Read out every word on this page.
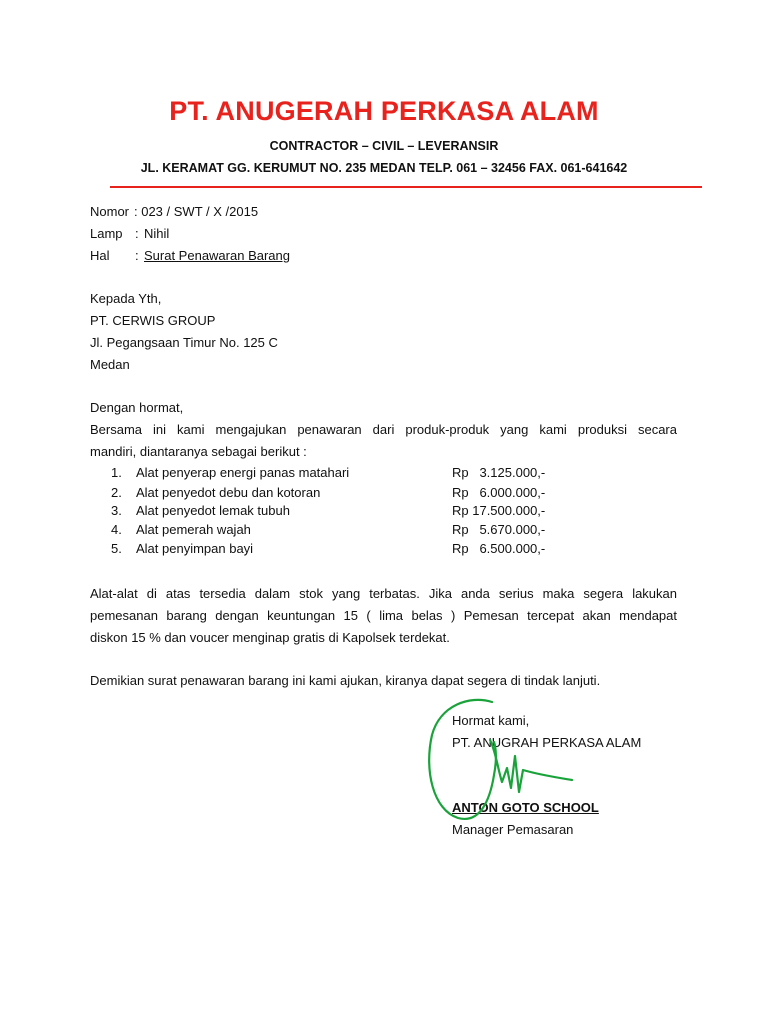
PT. ANUGERAH PERKASA ALAM
CONTRACTOR – CIVIL – LEVERANSIR
JL. KERAMAT GG. KERUMUT NO. 235 MEDAN TELP. 061 – 32456 FAX. 061-641642
Nomor : 023 / SWT / X /2015
Lamp : Nihil
Hal : Surat Penawaran Barang
Kepada Yth,
PT. CERWIS GROUP
Jl. Pegangsaan Timur No. 125 C
Medan
Dengan hormat,
Bersama ini kami mengajukan penawaran dari produk-produk yang kami produksi secara
mandiri, diantaranya sebagai berikut :
1. Alat penyerap energi panas matahari	Rp   3.125.000,-
2. Alat penyedot debu dan kotoran	Rp   6.000.000,-
3. Alat penyedot lemak tubuh	Rp 17.500.000,-
4. Alat pemerah wajah	Rp   5.670.000,-
5. Alat penyimpan bayi	Rp   6.500.000,-
Alat-alat di atas tersedia dalam stok yang terbatas. Jika anda serius maka segera lakukan
pemesanan barang dengan keuntungan 15 ( lima belas ) Pemesan tercepat akan mendapat
diskon 15 % dan voucer menginap gratis di Kapolsek terdekat.
Demikian surat penawaran barang ini kami ajukan, kiranya dapat segera di tindak lanjuti.
Hormat kami,
PT. ANUGRAH PERKASA ALAM
ANTON GOTO SCHOOL
Manager Pemasaran
